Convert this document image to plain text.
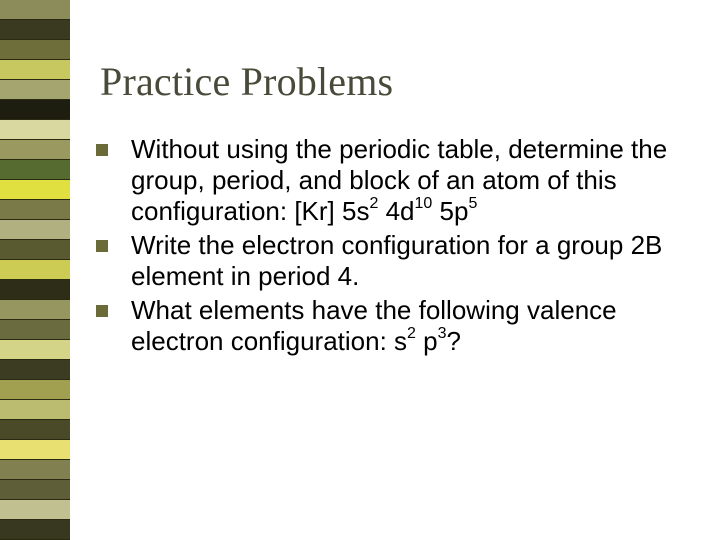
Practice Problems
Without using the periodic table, determine the group, period, and block of an atom of this configuration: [Kr] $5s^2$ $4d^{10}$ $5p^5$
Write the electron configuration for a group 2B element in period 4.
What elements have the following valence electron configuration: $s^2$ $p^3$?
